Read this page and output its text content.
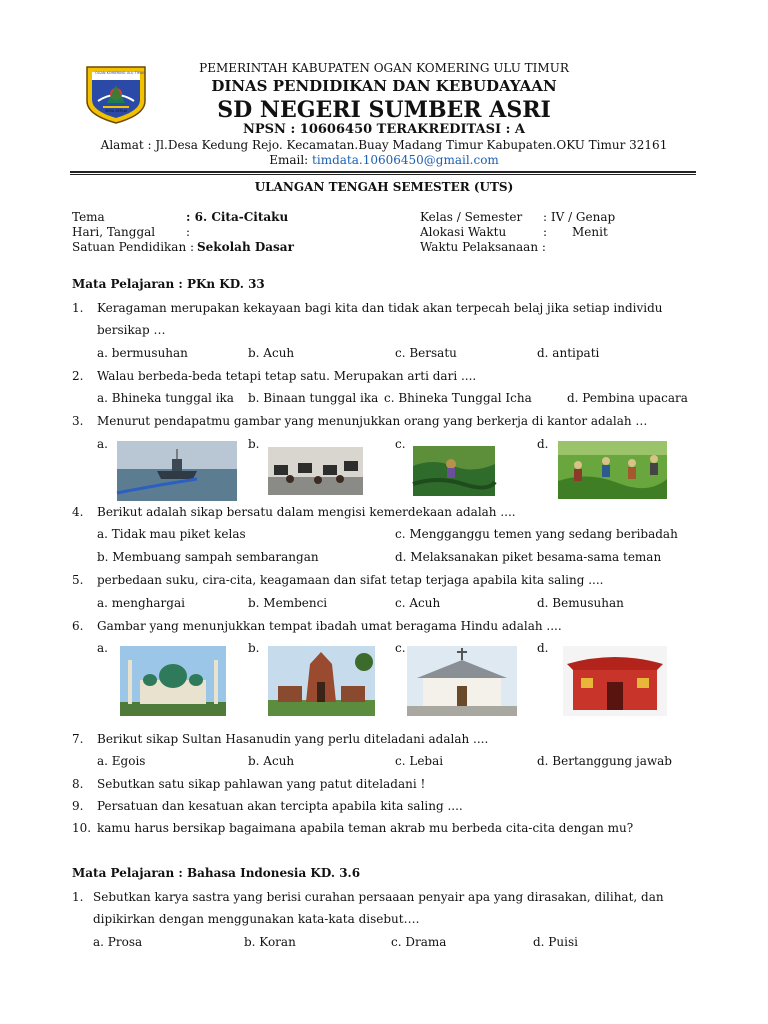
OGAN KOMERING ULU TIMUR
SERA SEPLAI
PEMERINTAH KABUPATEN OGAN KOMERING ULU TIMUR
DINAS PENDIDIKAN DAN KEBUDAYAAN
SD NEGERI SUMBER ASRI
NPSN : 10606450 TERAKREDITASI : A
Alamat : Jl.Desa Kedung Rejo. Kecamatan.Buay Madang Timur Kabupaten.OKU Timur 32161
Email: timdata.10606450@gmail.com
ULANGAN TENGAH SEMESTER (UTS)
Tema	: 6. Cita-Citaku
Hari, Tanggal	:
Satuan Pendidikan : Sekolah Dasar
Kelas / Semester : IV / Genap
Alokasi Waktu	: Menit
Waktu Pelaksanaan :
Mata Pelajaran : PKn KD. 33
1. Keragaman merupakan kekayaan bagi kita dan tidak akan terpecah belaj jika setiap individu
bersikap …
a. bermusuhan	b. Acuh	c. Bersatu	d. antipati
2. Walau berbeda-beda tetapi tetap satu. Merupakan arti dari ....
a. Bhineka tunggal ika b. Binaan tunggal ika c. Bhineka Tunggal Icha	d. Pembina upacara
3. Menurut pendapatmu gambar yang menunjukkan orang yang berkerja di kantor adalah …
a.	b.	c.	d.
4. Berikut adalah sikap bersatu dalam mengisi kemerdekaan adalah ....
a. Tidak mau piket kelas	c. Mengganggu temen yang sedang beribadah
b. Membuang sampah sembarangan	d. Melaksanakan piket besama-sama teman
5. perbedaan suku, cira-cita, keagamaan dan sifat tetap terjaga apabila kita saling ....
a. menghargai	b. Membenci	c. Acuh	d. Bemusuhan
6. Gambar yang menunjukkan tempat ibadah umat beragama Hindu adalah ....
a.	b.	c.	d.
7. Berikut sikap Sultan Hasanudin yang perlu diteladani adalah ....
a. Egois	b. Acuh	c. Lebai	d. Bertanggung jawab
8. Sebutkan satu sikap pahlawan yang patut diteladani !
9. Persatuan dan kesatuan akan tercipta apabila kita saling ....
10. kamu harus bersikap bagaimana apabila teman akrab mu berbeda cita-cita dengan mu?
Mata Pelajaran : Bahasa Indonesia KD. 3.6
1. Sebutkan karya sastra yang berisi curahan persaaan penyair apa yang dirasakan, dilihat, dan
dipikirkan dengan menggunakan kata-kata disebut….
a. Prosa	b. Koran	c. Drama	d. Puisi
